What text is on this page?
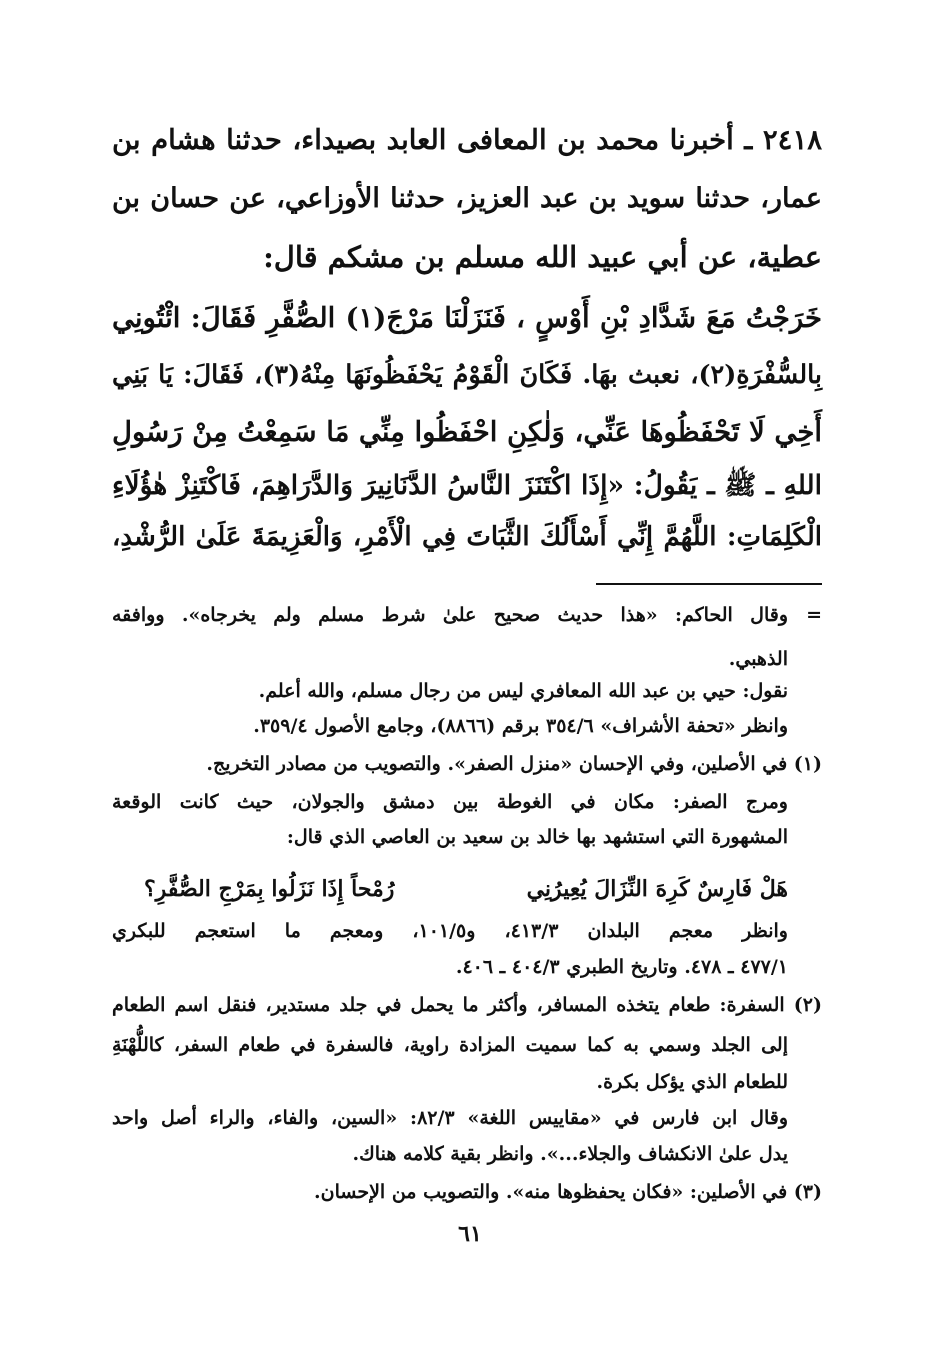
٢٤١٨ ـ أخبرنا محمد بن المعافى العابد بصيداء، حدثنا هشام بن
عمار، حدثنا سويد بن عبد العزيز، حدثنا الأوزاعي، عن حسان بن
عطية، عن أبي عبيد الله مسلم بن مشكم قال:
خَرَجْتُ مَعَ شَدَّادِ بْنِ أَوْسٍ ، فَنَزَلْنَا مَرْجَ(١) الصُّفَّرِ فَقَالَ: ائْتُونِي
بِالسُّفْرَةِ(٢)، نعبث بهَا. فَكَانَ الْقَوْمُ يَحْفَظُونَهَا مِنْهُ(٣)، فَقَالَ: يَا بَنِي
أَخِي لَا تَحْفَظُوهَا عَنِّي، وَلٰكِنِ احْفَظُوا مِنِّي مَا سَمِعْتُ مِنْ رَسُولِ
اللهِ ـ ﷺ ـ يَقُولُ: «إِذَا اكْتَنَزَ النَّاسُ الدَّنَانِيرَ وَالدَّرَاهِمَ، فَاكْتَنِزْ هٰؤُلَاءِ
الْكَلِمَاتِ: اللَّهُمَّ إِنِّي أَسْأَلُكَ الثَّبَاتَ فِي الْأَمْرِ، وَالْعَزِيمَةَ عَلَىٰ الرُّشْدِ،
=
وقال الحاكم: «هذا حديث صحيح علىٰ شرط مسلم ولم يخرجاه». ووافقه
الذهبي.
نقول: حيي بن عبد الله المعافري ليس من رجال مسلم، والله أعلم.
وانظر «تحفة الأشراف» ٣٥٤/٦ برقم (٨٨٦٦)، وجامع الأصول ٣٥٩/٤.
(١) في الأصلين، وفي الإحسان «منزل الصفر». والتصويب من مصادر التخريج.
ومرج الصفر: مكان في الغوطة بين دمشق والجولان، حيث كانت الوقعة
المشهورة التي استشهد بها خالد بن سعيد بن العاصي الذي قال:
هَلْ فَارِسٌ كَرِهَ النِّزَالَ يُعِيرُنِي
رُمْحاً إِذَا نَزَلُوا بِمَرْجِ الصُّفَّرِ؟
وانظر معجم البلدان ٤١٣/٣، و١٠١/٥، ومعجم ما استعجم للبكري
٤٧٧/١ ـ ٤٧٨. وتاريخ الطبري ٤٠٤/٣ ـ ٤٠٦.
(٢) السفرة: طعام يتخذه المسافر، وأكثر ما يحمل في جلد مستدير، فنقل اسم الطعام
إلى الجلد وسمي به كما سميت المزادة راوية، فالسفرة في طعام السفر، كاللُّهْنَةِ
للطعام الذي يؤكل بكرة.
وقال ابن فارس في «مقاييس اللغة» ٨٢/٣: «السين، والفاء، والراء أصل واحد
يدل علىٰ الانكشاف والجلاء...». وانظر بقية كلامه هناك.
(٣) في الأصلين: «فكان يحفظوها منه». والتصويب من الإحسان.
٦١
